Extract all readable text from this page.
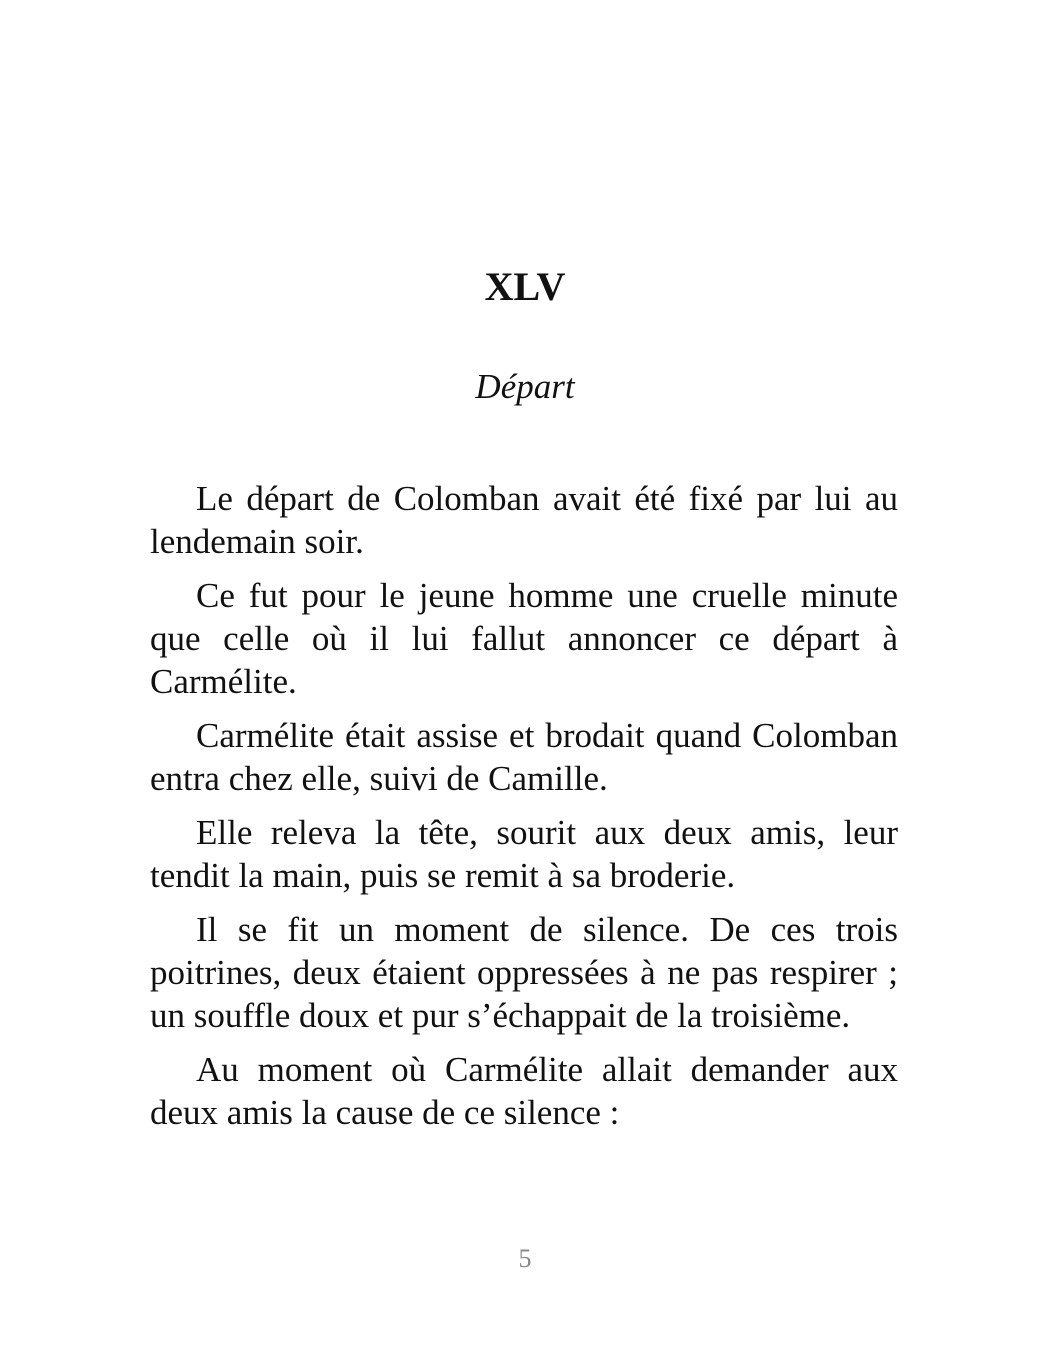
XLV
Départ

Le départ de Colomban avait été fixé par lui au lendemain soir.

Ce fut pour le jeune homme une cruelle minute que celle où il lui fallut annoncer ce départ à Carmélite.

Carmélite était assise et brodait quand Colomban entra chez elle, suivi de Camille.

Elle releva la tête, sourit aux deux amis, leur tendit la main, puis se remit à sa broderie.

Il se fit un moment de silence. De ces trois poitrines, deux étaient oppressées à ne pas respirer ; un souffle doux et pur s’échappait de la troisième.

Au moment où Carmélite allait demander aux deux amis la cause de ce silence :

5
